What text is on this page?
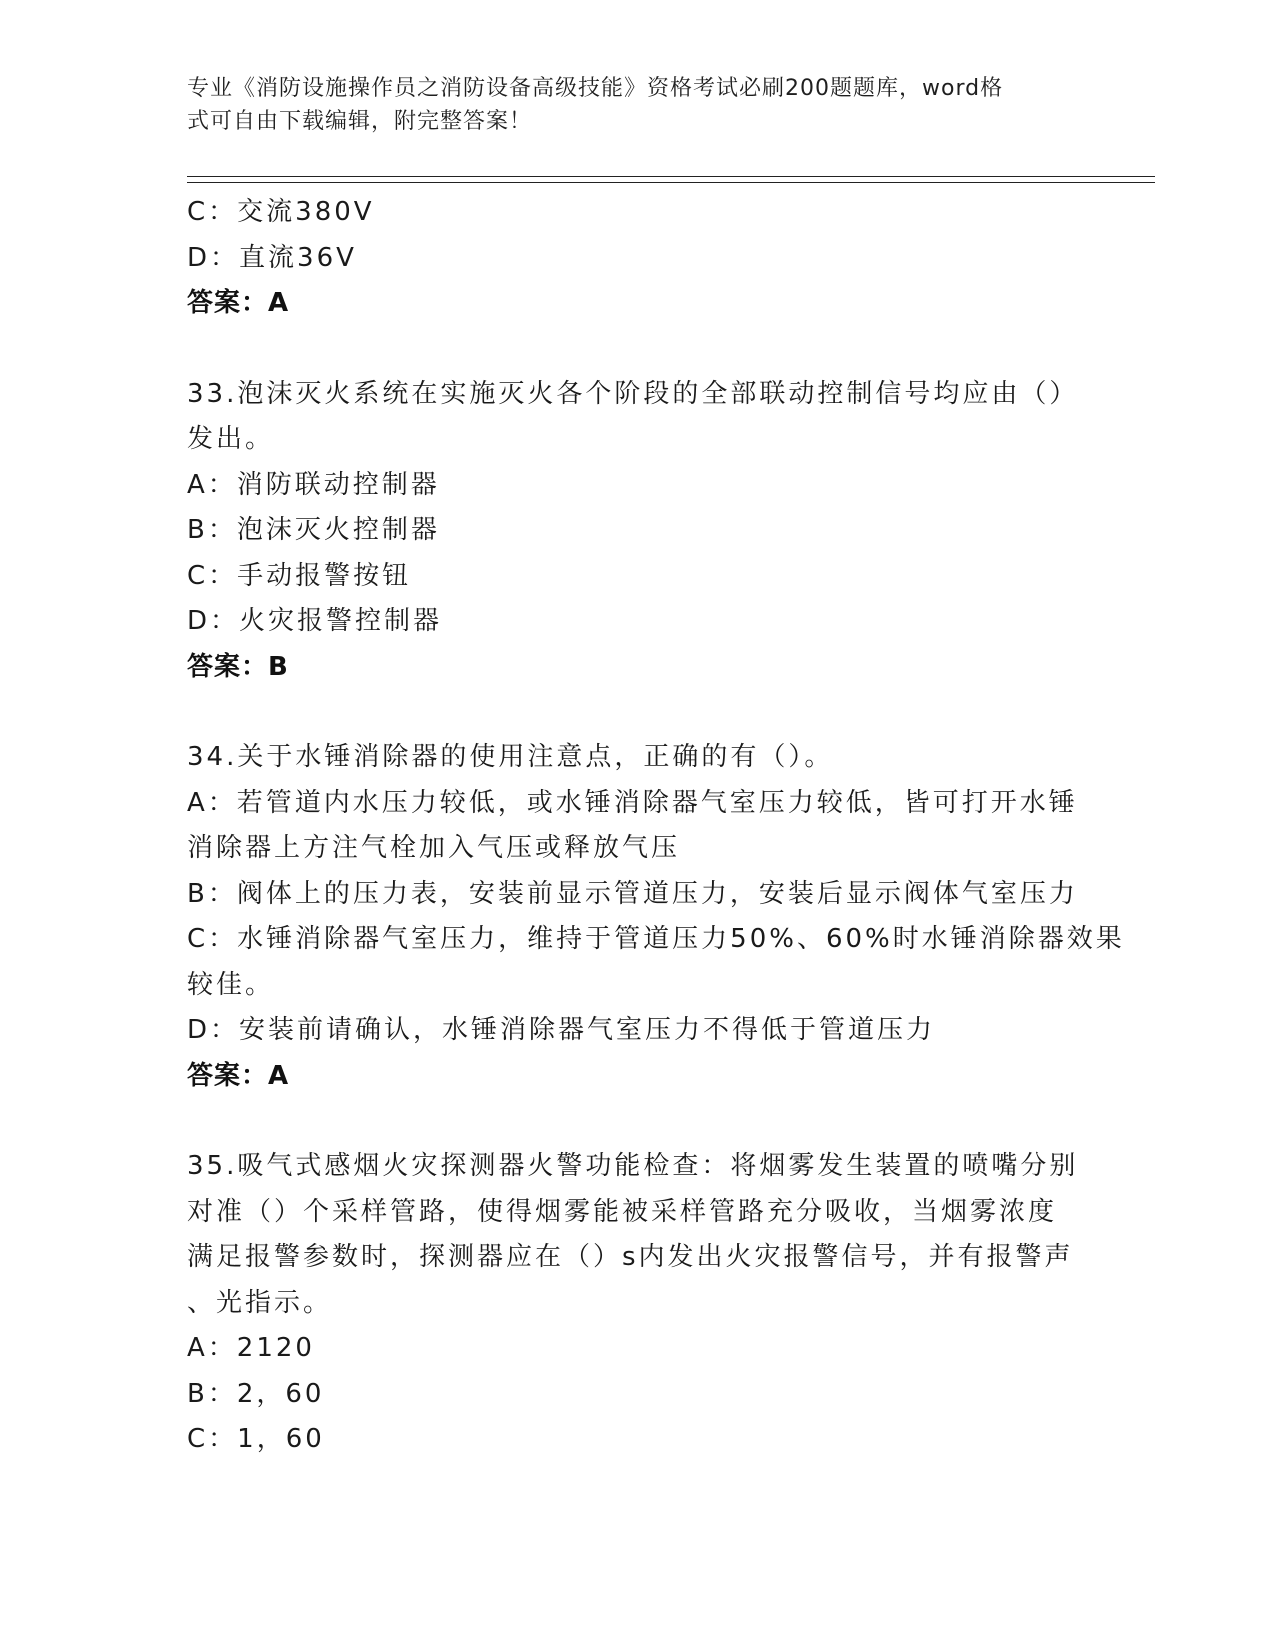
专业《消防设施操作员之消防设备高级技能》资格考试必刷200题题库，word格
式可自由下载编辑，附完整答案！
C：交流380V
D：直流36V
答案：A
33.泡沫灭火系统在实施灭火各个阶段的全部联动控制信号均应由（）
发出。
A：消防联动控制器
B：泡沫灭火控制器
C：手动报警按钮
D：火灾报警控制器
答案：B
34.关于水锤消除器的使用注意点，正确的有（）。
A：若管道内水压力较低，或水锤消除器气室压力较低，皆可打开水锤
消除器上方注气栓加入气压或释放气压
B：阀体上的压力表，安装前显示管道压力，安装后显示阀体气室压力
C：水锤消除器气室压力，维持于管道压力50%、60%时水锤消除器效果
较佳。
D：安装前请确认，水锤消除器气室压力不得低于管道压力
答案：A
35.吸气式感烟火灾探测器火警功能检查：将烟雾发生装置的喷嘴分别
对准（）个采样管路，使得烟雾能被采样管路充分吸收，当烟雾浓度
满足报警参数时，探测器应在（）s内发出火灾报警信号，并有报警声
、光指示。
A：2120
B：2，60
C：1，60
